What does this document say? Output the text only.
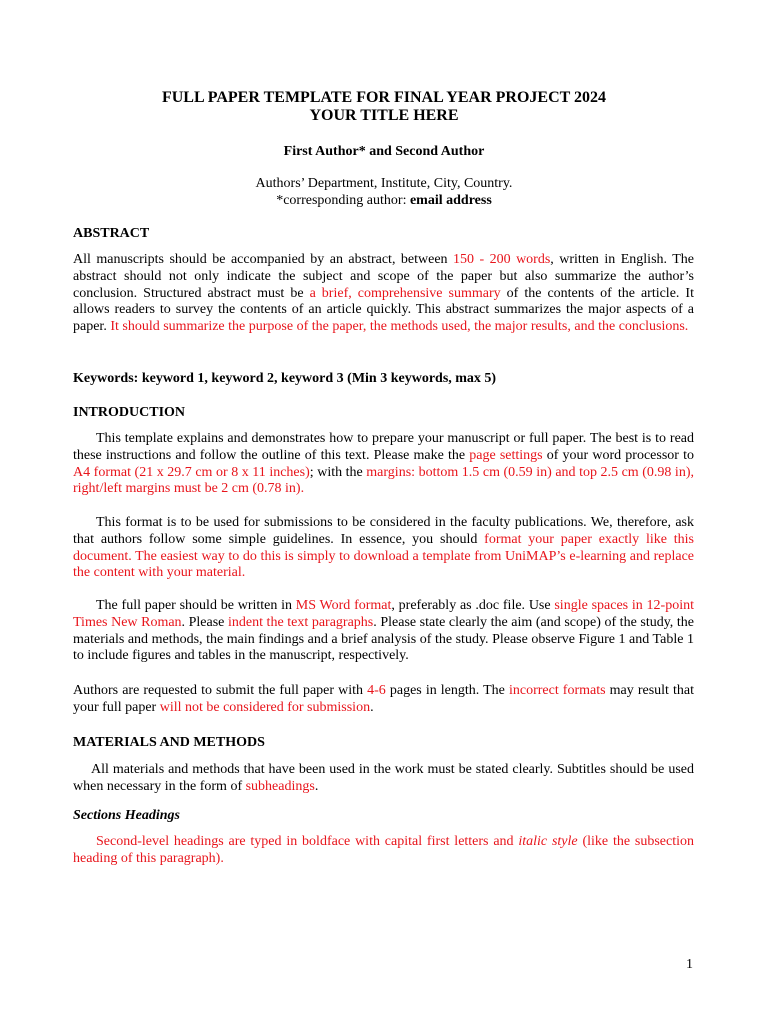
FULL PAPER TEMPLATE FOR FINAL YEAR PROJECT 2024
YOUR TITLE HERE
First Author* and Second Author
Authors’ Department, Institute, City, Country.
*corresponding author: email address
ABSTRACT

All manuscripts should be accompanied by an abstract, between 150 - 200 words, written in English. The abstract should not only indicate the subject and scope of the paper but also summarize the author’s conclusion. Structured abstract must be a brief, comprehensive summary of the contents of the article. It allows readers to survey the contents of an article quickly. This abstract summarizes the major aspects of a paper. It should summarize the purpose of the paper, the methods used, the major results, and the conclusions.

Keywords: keyword 1, keyword 2, keyword 3 (Min 3 keywords, max 5)
INTRODUCTION

This template explains and demonstrates how to prepare your manuscript or full paper. The best is to read these instructions and follow the outline of this text. Please make the page settings of your word processor to A4 format (21 x 29.7 cm or 8 x 11 inches); with the margins: bottom 1.5 cm (0.59 in) and top 2.5 cm (0.98 in), right/left margins must be 2 cm (0.78 in).

This format is to be used for submissions to be considered in the faculty publications. We, therefore, ask that authors follow some simple guidelines. In essence, you should format your paper exactly like this document. The easiest way to do this is simply to download a template from UniMAP’s e-learning and replace the content with your material.

The full paper should be written in MS Word format, preferably as .doc file. Use single spaces in 12-point Times New Roman. Please indent the text paragraphs. Please state clearly the aim (and scope) of the study, the materials and methods, the main findings and a brief analysis of the study. Please observe Figure 1 and Table 1 to include figures and tables in the manuscript, respectively.

Authors are requested to submit the full paper with 4-6 pages in length. The incorrect formats may result that your full paper will not be considered for submission.

MATERIALS AND METHODS

All materials and methods that have been used in the work must be stated clearly. Subtitles should be used when necessary in the form of subheadings.

Sections Headings

Second-level headings are typed in boldface with capital first letters and italic style (like the subsection heading of this paragraph).

1
